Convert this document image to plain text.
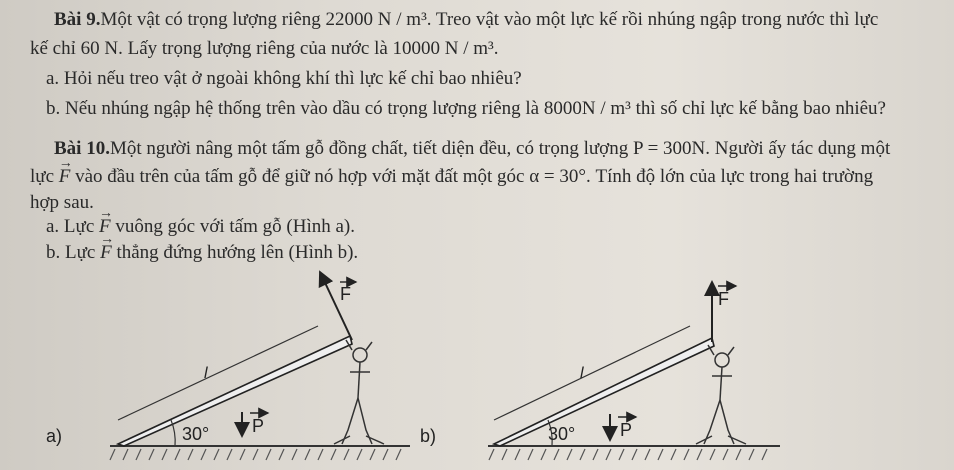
Bài 9.Một vật có trọng lượng riêng 22000 N / m³. Treo vật vào một lực kế rồi nhúng ngập trong nước thì lực
kế chỉ 60 N. Lấy trọng lượng riêng của nước là 10000 N / m³.
a. Hỏi nếu treo vật ở ngoài không khí thì lực kế chỉ bao nhiêu?
b. Nếu nhúng ngập hệ thống trên vào dầu có trọng lượng riêng là 8000N / m³ thì số chỉ lực kế bằng bao nhiêu?
Bài 10.Một người nâng một tấm gỗ đồng chất, tiết diện đều, có trọng lượng P = 300N. Người ấy tác dụng một
lực → F vào đầu trên của tấm gỗ để giữ nó hợp với mặt đất một góc α = 30°. Tính độ lớn của lực trong hai trường
hợp sau.
a. Lực → F vuông góc với tấm gỗ (Hình a).
b. Lực → F thẳng đứng hướng lên (Hình b).
l
F
30° P
a)
l
F
30° P
b)
